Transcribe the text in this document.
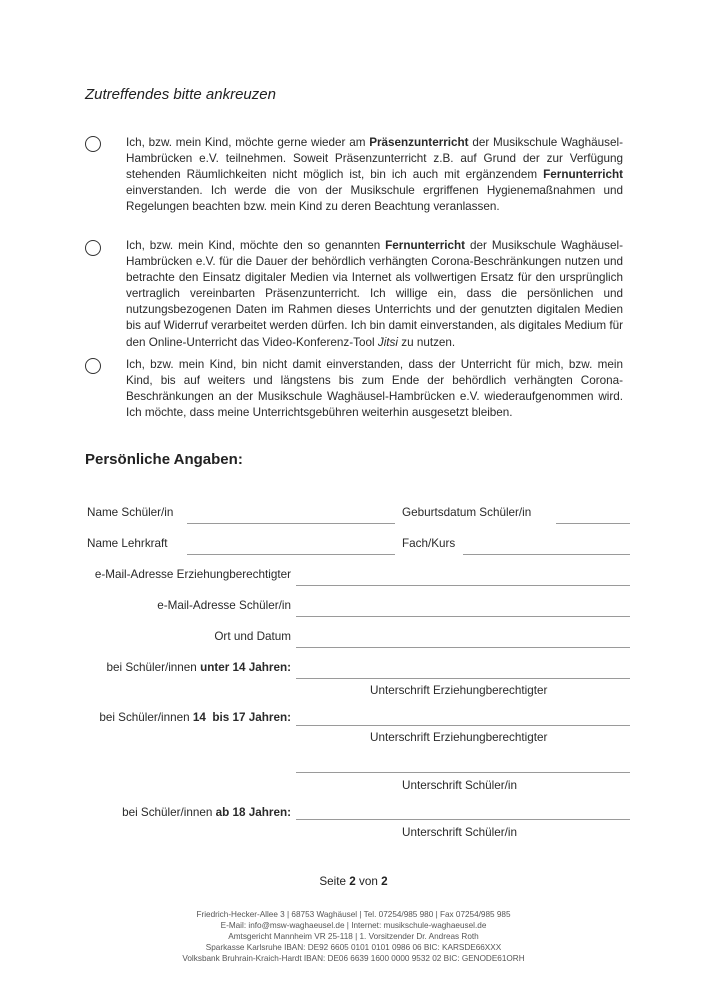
Zutreffendes bitte ankreuzen
Ich, bzw. mein Kind, möchte gerne wieder am Präsenzunterricht der Musikschule Waghäusel-Hambrücken e.V. teilnehmen. Soweit Präsenzunterricht z.B. auf Grund der zur Verfügung stehenden Räumlichkeiten nicht möglich ist, bin ich auch mit ergänzendem Fernunterricht einverstanden. Ich werde die von der Musikschule ergriffenen Hygienemaßnahmen und Regelungen beachten bzw. mein Kind zu deren Beachtung veranlassen.
Ich, bzw. mein Kind, möchte den so genannten Fernunterricht der Musikschule Waghäusel-Hambrücken e.V. für die Dauer der behördlich verhängten Corona-Beschränkungen nutzen und betrachte den Einsatz digitaler Medien via Internet als vollwertigen Ersatz für den ursprünglich vertraglich vereinbarten Präsenzunterricht. Ich willige ein, dass die persönlichen und nutzungsbezogenen Daten im Rahmen dieses Unterrichts und der genutzten digitalen Medien bis auf Widerruf verarbeitet werden dürfen. Ich bin damit einverstanden, als digitales Medium für den Online-Unterricht das Video-Konferenz-Tool Jitsi zu nutzen.
Ich, bzw. mein Kind, bin nicht damit einverstanden, dass der Unterricht für mich, bzw. mein Kind, bis auf weiters und längstens bis zum Ende der behördlich verhängten Corona-Beschränkungen an der Musikschule Waghäusel-Hambrücken e.V. wiederaufgenommen wird. Ich möchte, dass meine Unterrichtsgebühren weiterhin ausgesetzt bleiben.
Persönliche Angaben:
Name Schüler/in	Geburtsdatum Schüler/in
Name Lehrkraft	Fach/Kurs
e-Mail-Adresse Erziehungberechtigter
e-Mail-Adresse Schüler/in
Ort und Datum
bei Schüler/innen unter 14 Jahren:
Unterschrift Erziehungberechtigter
bei Schüler/innen 14  bis 17 Jahren:
Unterschrift Erziehungberechtigter
Unterschrift Schüler/in
bei Schüler/innen ab 18 Jahren:
Unterschrift Schüler/in
Seite 2 von 2
Friedrich-Hecker-Allee 3 | 68753 Waghäusel | Tel. 07254/985 980 | Fax 07254/985 985
E-Mail: info@msw-waghaeusel.de | Internet: musikschule-waghaeusel.de
Amtsgericht Mannheim VR 25-118 | 1. Vorsitzender Dr. Andreas Roth
Sparkasse Karlsruhe IBAN: DE92 6605 0101 0101 0986 06 BIC: KARSDE66XXX
Volksbank Bruhrain-Kraich-Hardt IBAN: DE06 6639 1600 0000 9532 02 BIC: GENODE61ORH
